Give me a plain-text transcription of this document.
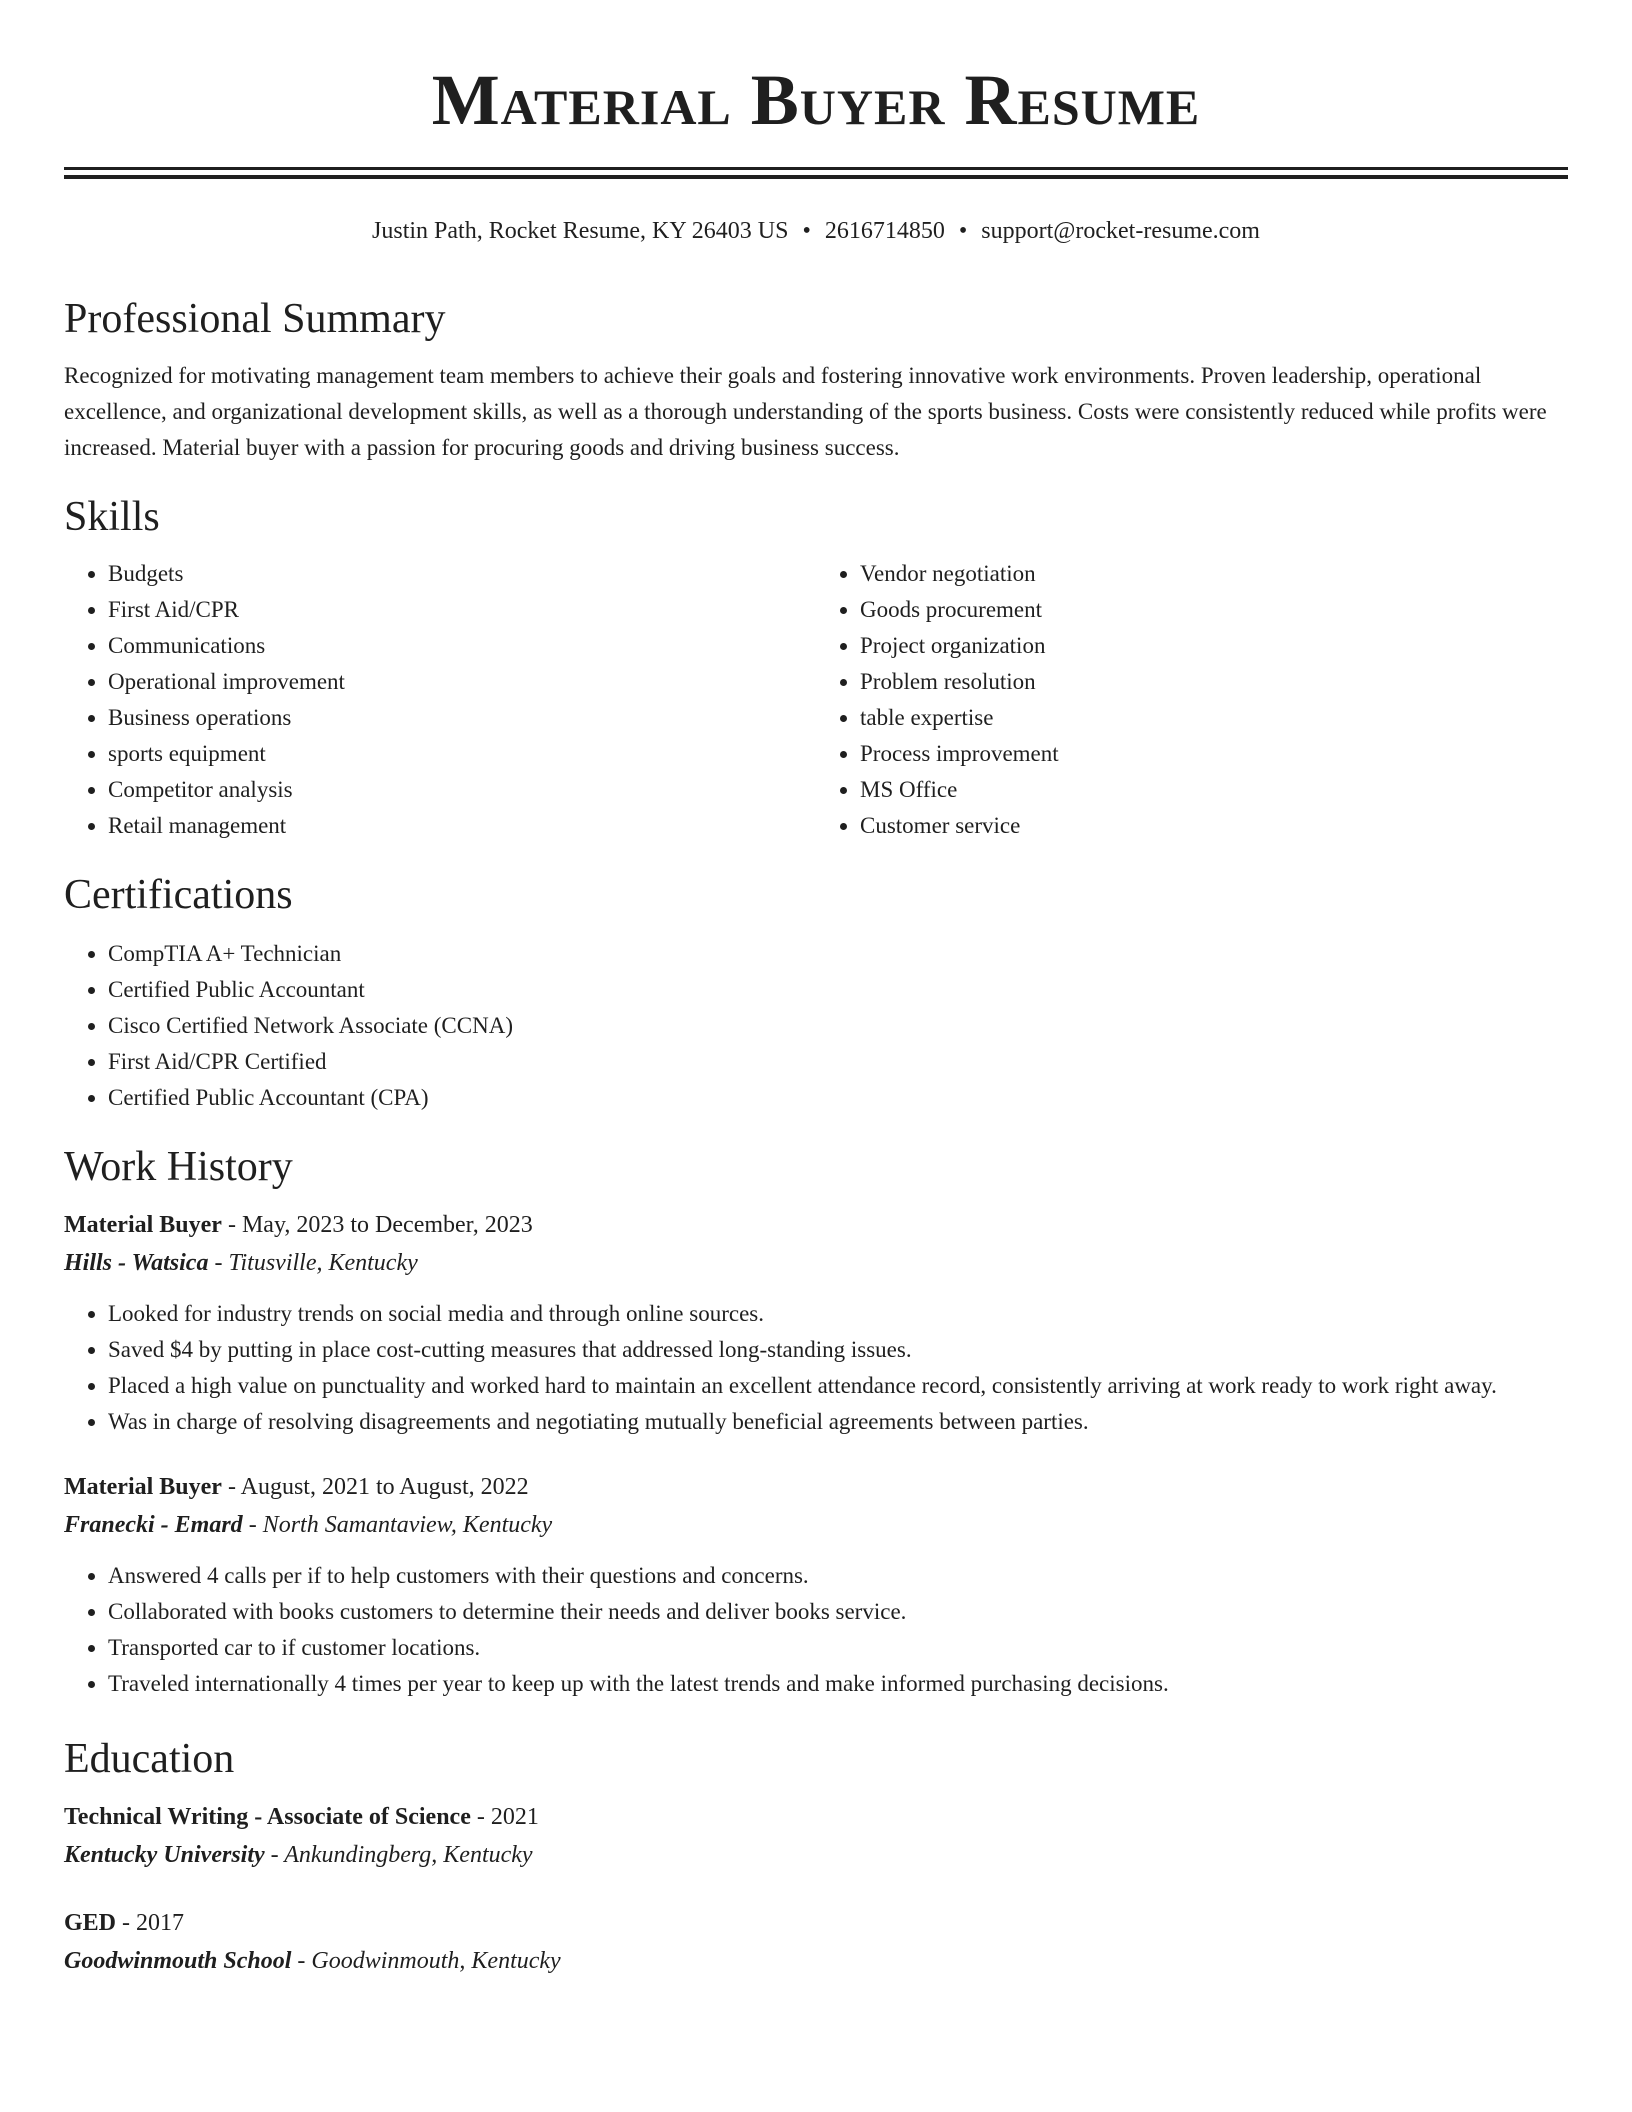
Material Buyer Resume
Justin Path, Rocket Resume, KY 26403 US • 2616714850 • support@rocket-resume.com
Professional Summary

Recognized for motivating management team members to achieve their goals and fostering innovative work environments. Proven leadership, operational excellence, and organizational development skills, as well as a thorough understanding of the sports business. Costs were consistently reduced while profits were increased. Material buyer with a passion for procuring goods and driving business success.

Skills
• Budgets
• First Aid/CPR
• Communications
• Operational improvement
• Business operations
• sports equipment
• Competitor analysis
• Retail management
• Vendor negotiation
• Goods procurement
• Project organization
• Problem resolution
• table expertise
• Process improvement
• MS Office
• Customer service
Certifications
• CompTIA A+ Technician
• Certified Public Accountant
• Cisco Certified Network Associate (CCNA)
• First Aid/CPR Certified
• Certified Public Accountant (CPA)
Work History
Material Buyer - May, 2023 to December, 2023
Hills - Watsica - Titusville, Kentucky
• Looked for industry trends on social media and through online sources.
• Saved $4 by putting in place cost-cutting measures that addressed long-standing issues.
• Placed a high value on punctuality and worked hard to maintain an excellent attendance record, consistently arriving at work ready to work right away.
• Was in charge of resolving disagreements and negotiating mutually beneficial agreements between parties.
Material Buyer - August, 2021 to August, 2022
Franecki - Emard - North Samantaview, Kentucky
• Answered 4 calls per if to help customers with their questions and concerns.
• Collaborated with books customers to determine their needs and deliver books service.
• Transported car to if customer locations.
• Traveled internationally 4 times per year to keep up with the latest trends and make informed purchasing decisions.
Education
Technical Writing - Associate of Science - 2021
Kentucky University - Ankundingberg, Kentucky
GED - 2017
Goodwinmouth School - Goodwinmouth, Kentucky
